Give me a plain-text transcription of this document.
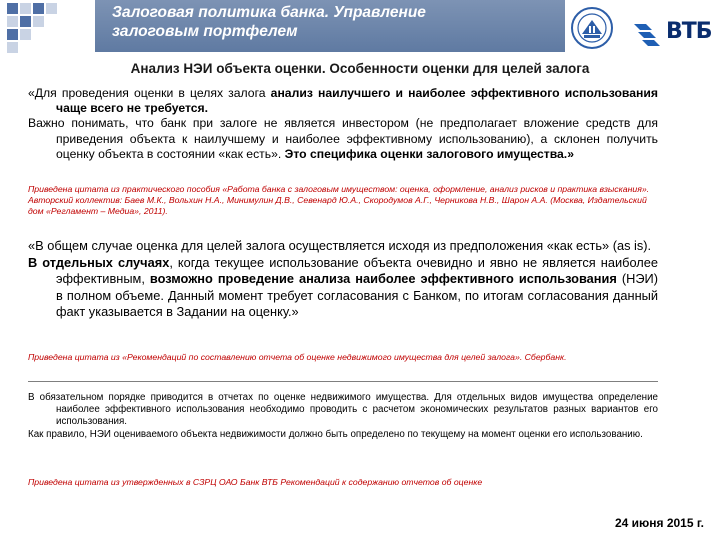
Залоговая политика банка. Управление
залоговым портфелем	ВТБ
Анализ НЭИ объекта оценки. Особенности оценки для целей залога

«Для проведения оценки в целях залога анализ наилучшего и наиболее эффективного использования чаще всего не требуется.

Важно понимать, что банк при залоге не является инвестором (не предполагает вложение средств для приведения объекта к наилучшему и наиболее эффективному использованию), а склонен получить оценку объекта в состоянии «как есть». Это специфика оценки залогового имущества.»

Приведена цитата из практического пособия «Работа банка с залоговым имуществом: оценка, оформление, анализ рисков и практика взыскания». Авторский коллектив: Баев М.К., Вольхин Н.А., Минимулин Д.В., Севенард Ю.А., Скородумов А.Г., Черникова Н.В., Шарон А.А. (Москва, Издательский дом «Регламент – Медиа», 2011).

«В общем случае оценка для целей залога осуществляется исходя из предположения «как есть» (as is).

В отдельных случаях, когда текущее использование объекта очевидно и явно не является наиболее эффективным, возможно проведение анализа наиболее эффективного использования (НЭИ) в полном объеме. Данный момент требует согласования с Банком, по итогам согласования данный факт указывается в Задании на оценку.»

Приведена цитата из «Рекомендаций по составлению отчета об оценке недвижимого имущества для целей залога». Сбербанк.

В обязательном порядке приводится в отчетах по оценке недвижимого имущества. Для отдельных видов имущества определение наиболее эффективного использования необходимо проводить с расчетом экономических результатов разных вариантов его использования.

Как правило, НЭИ оцениваемого объекта недвижимости должно быть определено по текущему на момент оценки его использованию.

Приведена цитата из утвержденных в СЗРЦ ОАО Банк ВТБ Рекомендаций к содержанию отчетов об оценке
24 июня 2015 г.
